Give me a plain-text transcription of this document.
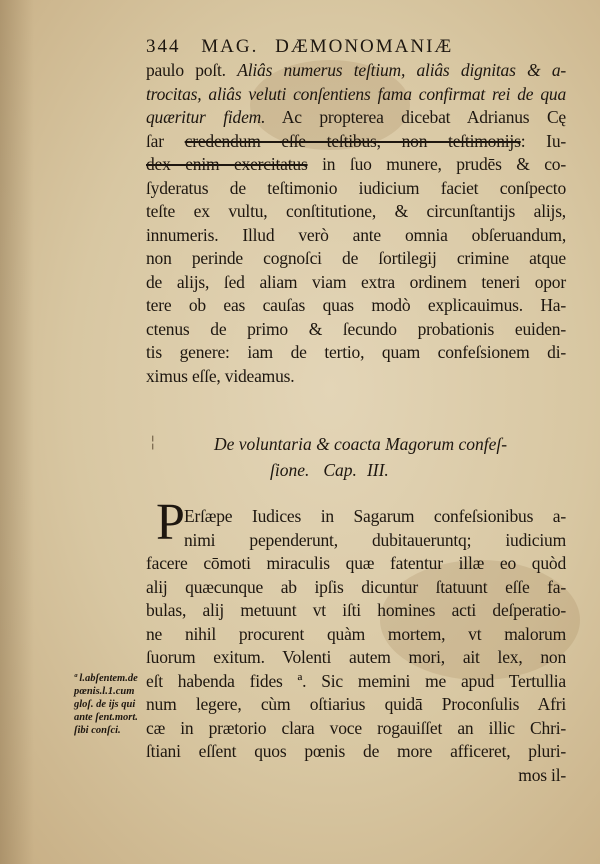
344 MAG. DÆMONOMANIÆ
paulo poſt. Aliâs numerus teſtium, aliâs dignitas & a-
trocitas, aliâs veluti conſentiens fama confirmat rei de qua
quæritur fidem. Ac propterea dicebat Adrianus Cę
ſar credendum eſſe teſtibus, non teſtimonijs: Iu-
dex enim exercitatus in ſuo munere, prudēs & co-
ſyderatus de teſtimonio iudicium faciet conſpecto
teſte ex vultu, conſtitutione, & circunſtantijs alijs,
innumeris. Illud verò ante omnia obſeruandum,
non perinde cognoſci de ſortilegij crimine atque
de alijs, ſed aliam viam extra ordinem teneri opor
tere ob eas cauſas quas modò explicauimus. Ha-
ctenus de primo & ſecundo probationis euiden-
tis genere: iam de tertio, quam confeſsionem di-
ximus eſſe, videamus.
¦	De voluntaria & coacta Magorum confeſ-
ſione. Cap. III.
P Erſæpe Iudices in Sagarum confeſsionibus a-
nimi pependerunt, dubitaueruntq; iudicium
facere cōmoti miraculis quæ fatentur illæ eo quòd
alij quæcunque ab ipſis dicuntur ſtatuunt eſſe fa-
bulas, alij metuunt vt iſti homines acti deſperatio-
ne nihil procurent quàm mortem, vt malorum
ſuorum exitum. Volenti autem mori, ait lex, non
eſt habenda fides ª. Sic memini me apud Tertullia
num legere, cùm oſtiarius quidā Proconſulis Afri
cæ in prætorio clara voce rogauiſſet an illic Chri-
ſtiani eſſent quos pœnis de more afficeret, pluri-
mos il-
ª l.abſentem.de
pœnis.l.1.cum
gloſ. de ijs qui
ante ſent.mort.
ſibi conſci.
